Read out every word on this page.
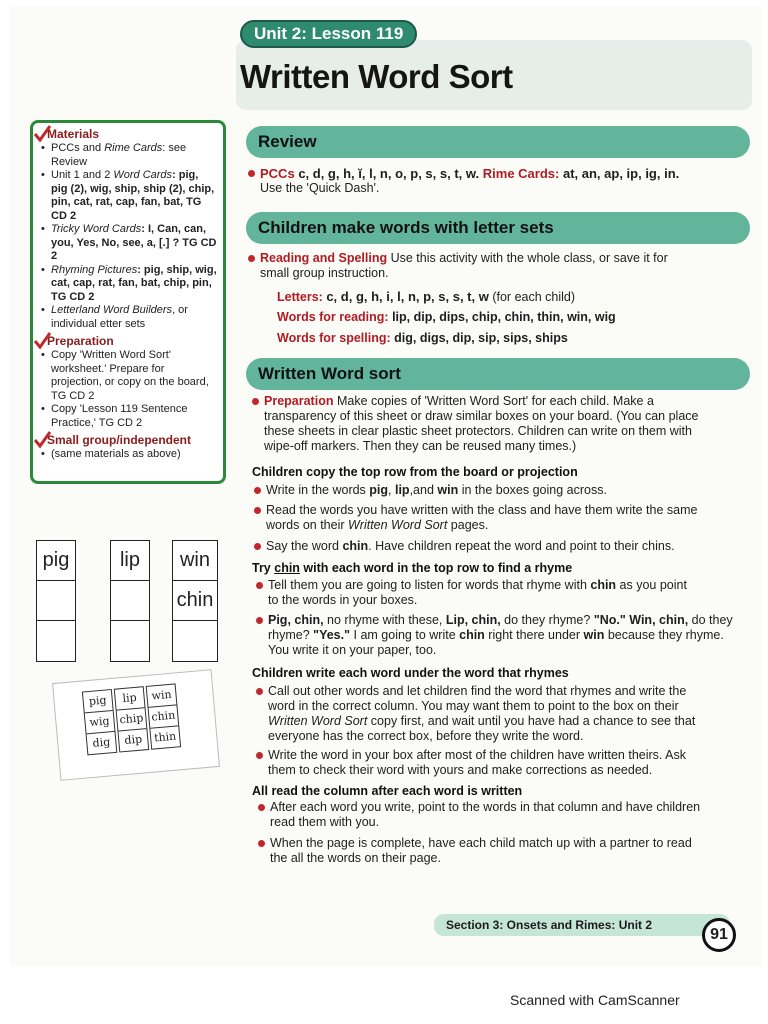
Unit 2: Lesson 119
Written Word Sort
Materials
• PCCs and Rime Cards: see Review
• Unit 1 and 2 Word Cards: pig, pig (2), wig, ship, ship (2), chip, pin, cat, rat, cap, fan, bat, TG CD 2
• Tricky Word Cards: I, Can, can, you, Yes, No, see, a, [.] ? TG CD 2
• Rhyming Pictures: pig, ship, wig, cat, cap, rat, fan, bat, chip, pin, TG CD 2
• Letterland Word Builders, or individual etter sets
Preparation
• Copy 'Written Word Sort' worksheet.' Prepare for projection, or copy on the board, TG CD 2
• Copy 'Lesson 119 Sentence Practice,' TG CD 2
Small group/independent
• (same materials as above)
pig	lip	win
chin
pig
wig
dig
lip
chip
dip
win
chin
thin
Review
PCCs c, d, g, h, ĭ, l, n, o, p, s, s, t, w. Rime Cards: at, an, ap, ip, ig, in.
Use the 'Quick Dash'.
Children make words with letter sets
Reading and Spelling Use this activity with the whole class, or save it for
small group instruction.
Letters: c, d, g, h, i, l, n, p, s, s, t, w (for each child)
Words for reading: lip, dip, dips, chip, chin, thin, win, wig
Words for spelling: dig, digs, dip, sip, sips, ships
Written Word sort
Preparation Make copies of 'Written Word Sort' for each child. Make a
transparency of this sheet or draw similar boxes on your board. (You can place
these sheets in clear plastic sheet protectors. Children can write on them with
wipe-off markers. Then they can be reused many times.)
Children copy the top row from the board or projection
Write in the words pig, lip,and win in the boxes going across.
Read the words you have written with the class and have them write the same
words on their Written Word Sort pages.
Say the word chin. Have children repeat the word and point to their chins.
Try chin with each word in the top row to find a rhyme
Tell them you are going to listen for words that rhyme with chin as you point
to the words in your boxes.
Pig, chin, no rhyme with these, Lip, chin, do they rhyme? "No." Win, chin, do they
rhyme? "Yes." I am going to write chin right there under win because they rhyme.
You write it on your paper, too.
Children write each word under the word that rhymes
Call out other words and let children find the word that rhymes and write the
word in the correct column. You may want them to point to the box on their
Written Word Sort copy first, and wait until you have had a chance to see that
everyone has the correct box, before they write the word.
Write the word in your box after most of the children have written theirs. Ask
them to check their word with yours and make corrections as needed.
All read the column after each word is written
After each word you write, point to the words in that column and have children
read them with you.
When the page is complete, have each child match up with a partner to read
the all the words on their page.
Section 3: Onsets and Rimes: Unit 2
91
Scanned with CamScanner
